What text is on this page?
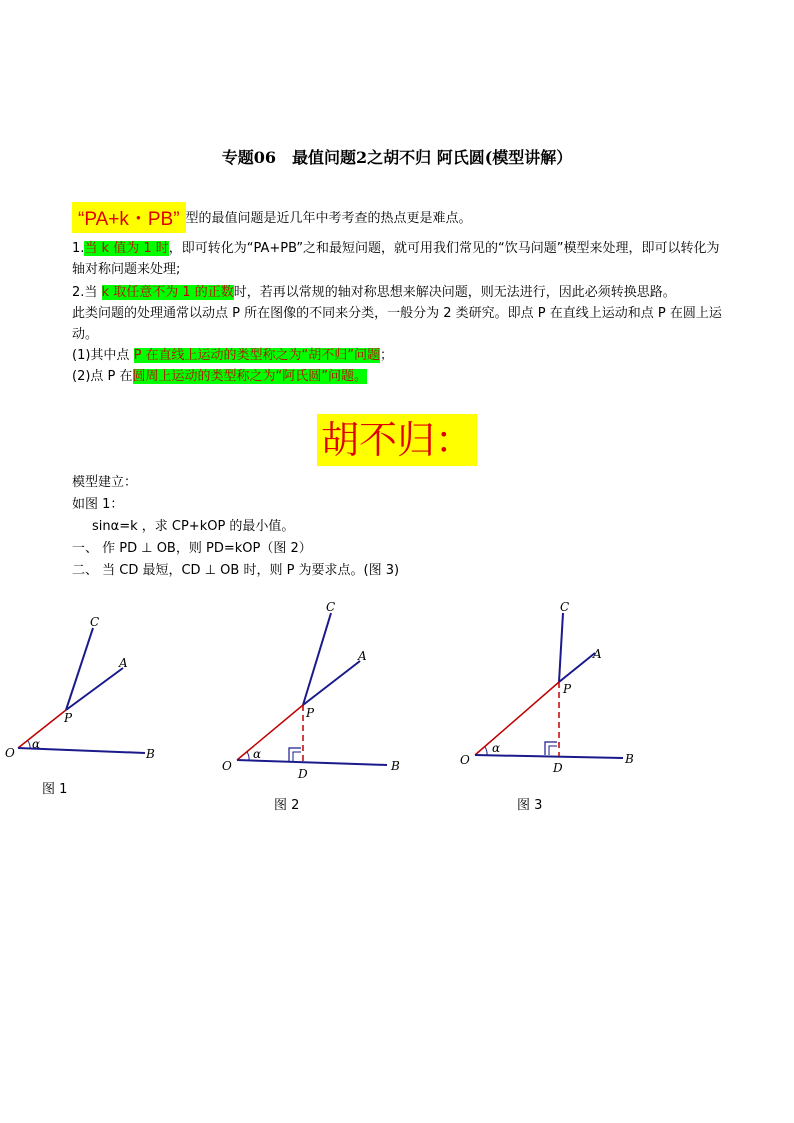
专题06　最值问题2之胡不归 阿氏圆(模型讲解）
“PA+k・PB” 型的最值问题是近几年中考考查的热点更是难点。
1.当 k 值为 1 时，即可转化为“PA+PB”之和最短问题，就可用我们常见的“饮马问题”模型来处理，即可以转化为轴对称问题来处理;
2.当 k 取任意不为 1 的正数时，若再以常规的轴对称思想来解决问题，则无法进行，因此必须转换思路。
此类问题的处理通常以动点 P 所在图像的不同来分类，一般分为 2 类研究。即点 P 在直线上运动和点 P 在圆上运动。
(1)其中点 P 在直线上运动的类型称之为“胡不归”问题；
(2)点 P 在圆周上运动的类型称之为“阿氏圆”问题。
胡不归：
模型建立：
如图 1：
sinα=k ，求 CP+kOP 的最小值。
一、 作 PD ⊥ OB，则 PD=kOP（图 2）
二、 当 CD 最短，CD ⊥ OB 时，则 P 为要求点。(图 3)
O
α
C
A
P
B
图 1
O
α
C
A
P
D
B
图 2
O
α
C
A
P
D
B
图 3
